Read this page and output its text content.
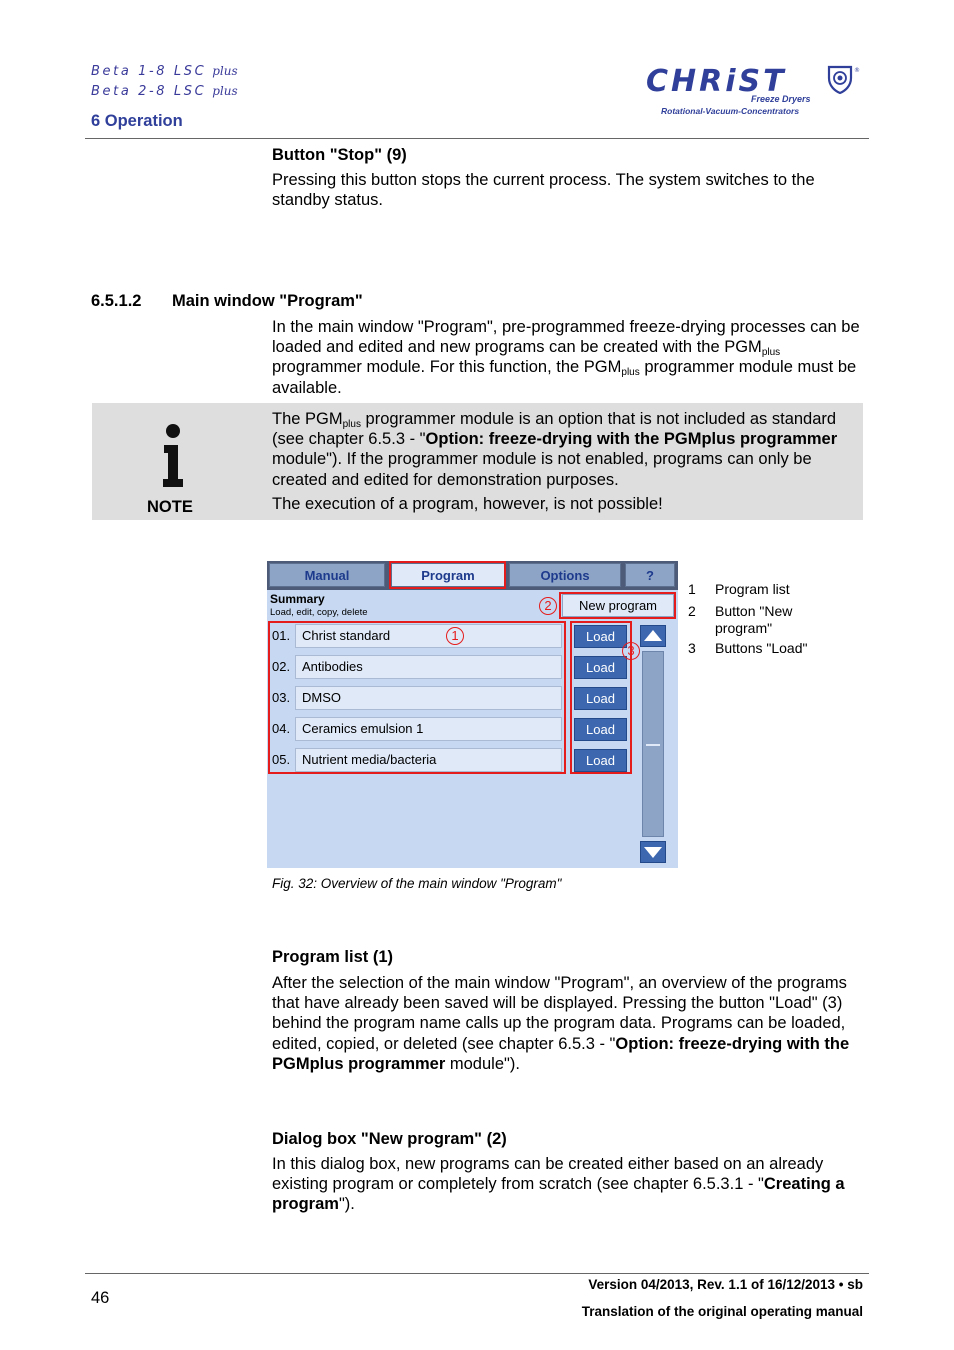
Beta 1-8 LSC plus
Beta 2-8 LSC plus
6 Operation
CHRiST	®
Freeze Dryers
Rotational-Vacuum-Concentrators
Button "Stop" (9)
Pressing this button stops the current process. The system switches to the standby status.
6.5.1.2 Main window "Program"
In the main window "Program", pre-programmed freeze-drying processes can be loaded and edited and new programs can be created with the $PGM_{plus}$ programmer module. For this function, the $PGM_{plus}$ programmer module must be available.
NOTE
The $PGM_{plus}$ programmer module is an option that is not included as standard (see chapter 6.5.3 - "Option: freeze-drying with the PGMplus programmer module"). If the programmer module is not enabled, programs can only be created and edited for demonstration purposes.
The execution of a program, however, is not possible!
Manual	Program	Options	?
Summary
Load, edit, copy, delete	New program
01. Christ standard	Load
02. Antibodies	Load
03. DMSO	Load
04. Ceramics emulsion 1	Load
05. Nutrient media/bacteria	Load
1
2
3
1 Program list
2 Button "New program"
3 Buttons "Load"
Fig. 32: Overview of the main window "Program"
Program list (1)
After the selection of the main window "Program", an overview of the programs that have already been saved will be displayed. Pressing the button "Load" (3) behind the program name calls up the program data. Programs can be loaded, edited, copied, or deleted (see chapter 6.5.3 - "Option: freeze-drying with the PGMplus programmer module").
Dialog box "New program" (2)
In this dialog box, new programs can be created either based on an already existing program or completely from scratch (see chapter 6.5.3.1 - "Creating a program").
46
Version 04/2013, Rev. 1.1 of 16/12/2013 • sb
Translation of the original operating manual
